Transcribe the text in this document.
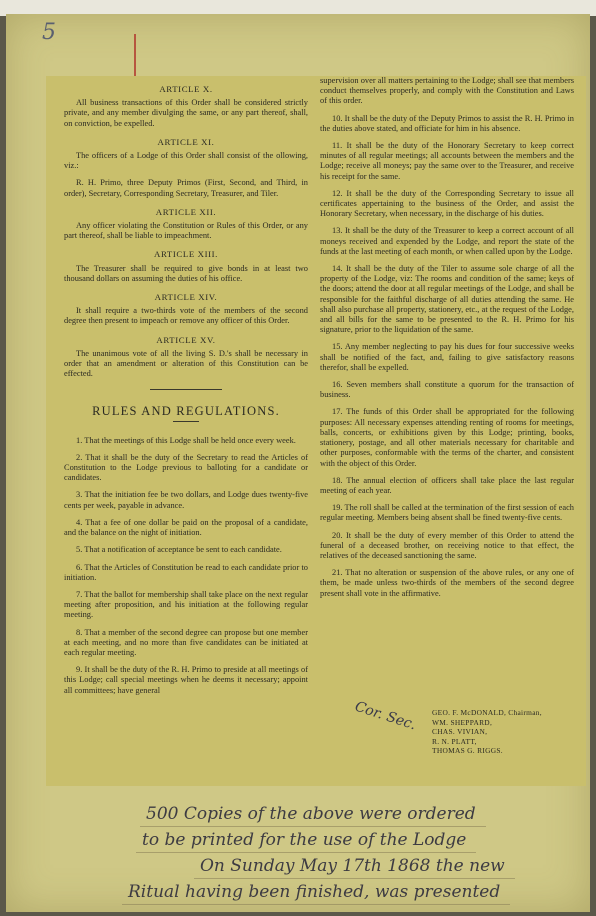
5
ARTICLE X.

All business transactions of this Order shall be considered strictly private, and any member divulging the same, or any part thereof, shall, on conviction, be expelled.

ARTICLE XI.

The officers of a Lodge of this Order shall consist of the ollowing, viz.:

R. H. Primo, three Deputy Primos (First, Second, and Third, in order), Secretary, Corresponding Secretary, Treasurer, and Tiler.

ARTICLE XII.

Any officer violating the Constitution or Rules of this Order, or any part thereof, shall be liable to impeachment.

ARTICLE XIII.

The Treasurer shall be required to give bonds in at least two thousand dollars on assuming the duties of his office.

ARTICLE XIV.

It shall require a two-thirds vote of the members of the second degree then present to impeach or remove any officer of this Order.

ARTICLE XV.

The unanimous vote of all the living S. D.'s shall be necessary in order that an amendment or alteration of this Constitution can be effected.

RULES AND REGULATIONS.

1. That the meetings of this Lodge shall be held once every week.

2. That it shall be the duty of the Secretary to read the Articles of Constitution to the Lodge previous to balloting for a candidate or candidates.

3. That the initiation fee be two dollars, and Lodge dues twenty-five cents per week, payable in advance.

4. That a fee of one dollar be paid on the proposal of a candidate, and the balance on the night of initiation.

5. That a notification of acceptance be sent to each candidate.

6. That the Articles of Constitution be read to each candidate prior to initiation.

7. That the ballot for membership shall take place on the next regular meeting after proposition, and his initiation at the following regular meeting.

8. That a member of the second degree can propose but one member at each meeting, and no more than five candidates can be initiated at each regular meeting.

9. It shall be the duty of the R. H. Primo to preside at all meetings of this Lodge; call special meetings when he deems it necessary; appoint all committees; have general

supervision over all matters pertaining to the Lodge; shall see that members conduct themselves properly, and comply with the Constitution and Laws of this order.

10. It shall be the duty of the Deputy Primos to assist the R. H. Primo in the duties above stated, and officiate for him in his absence.

11. It shall be the duty of the Honorary Secretary to keep correct minutes of all regular meetings; all accounts between the members and the Lodge; receive all moneys; pay the same over to the Treasurer, and receive his receipt for the same.

12. It shall be the duty of the Corresponding Secretary to issue all certificates appertaining to the business of the Order, and assist the Honorary Secretary, when necessary, in the discharge of his duties.

13. It shall be the duty of the Treasurer to keep a correct account of all moneys received and expended by the Lodge, and report the state of the funds at the last meeting of each month, or when called upon by the Lodge.

14. It shall be the duty of the Tiler to assume sole charge of all the property of the Lodge, viz: The rooms and condition of the same; keys of the doors; attend the door at all regular meetings of the Lodge, and shall be responsible for the faithful discharge of all duties attending the same. He shall also purchase all property, stationery, etc., at the request of the Lodge, and all bills for the same to be presented to the R. H. Primo for his signature, prior to the liquidation of the same.

15. Any member neglecting to pay his dues for four successive weeks shall be notified of the fact, and, failing to give satisfactory reasons therefor, shall be expelled.

16. Seven members shall constitute a quorum for the transaction of business.

17. The funds of this Order shall be appropriated for the following purposes: All necessary expenses attending renting of rooms for meetings, balls, concerts, or exhibitions given by this Lodge; printing, books, stationery, postage, and all other materials necessary for charitable and other purposes, conformable with the terms of the charter, and consistent with the object of this Order.

18. The annual election of officers shall take place the last regular meeting of each year.

19. The roll shall be called at the termination of the first session of each regular meeting. Members being absent shall be fined twenty-five cents.

20. It shall be the duty of every member of this Order to attend the funeral of a deceased brother, on receiving notice to that effect, the relatives of the deceased sanctioning the same.

21. That no alteration or suspension of the above rules, or any one of them, be made unless two-thirds of the members of the second degree present shall vote in the affirmative.

Cor. Sec.	GEO. F. McDONALD, Chairman,
WM. SHEPPARD,
CHAS. VIVIAN,
R. N. PLATT,
THOMAS G. RIGGS.
500 Copies of the above were ordered
to be printed for the use of the Lodge
On Sunday May 17th 1868 the new
Ritual having been finished, was presented
